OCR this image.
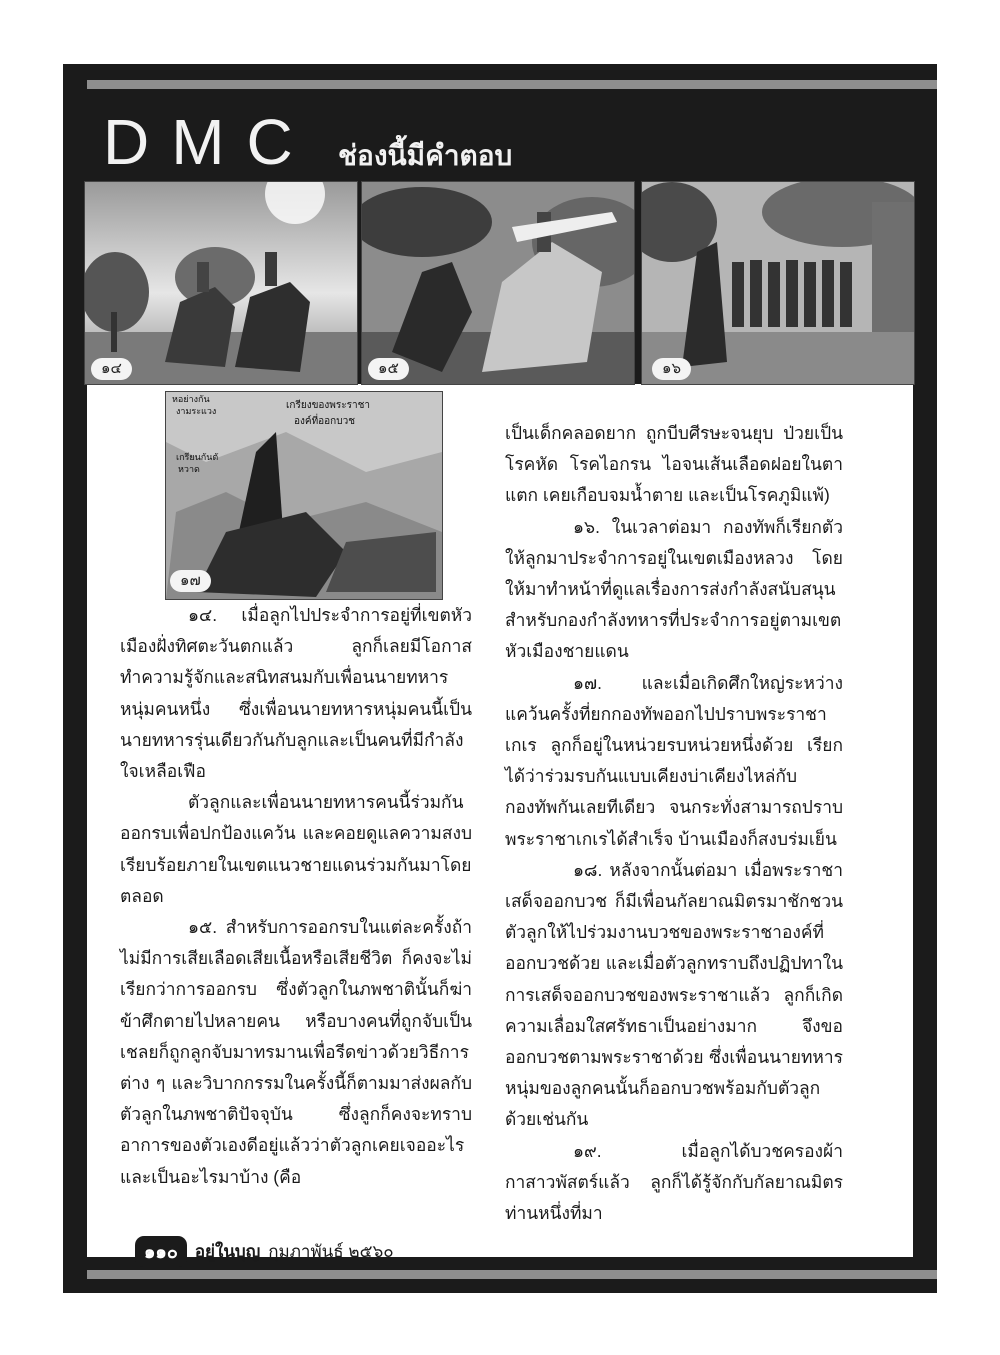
DMC ช่องนี้มีคำตอบ
๑๔	๑๕	๑๖
หอย่างกัน
งามระแวง	เกรียงของพระราชา
องค์ที่ออกบวช
เกรียนกันตั
หวาด
๑๗

๑๔. เมื่อลูกไปประจำการอยู่ที่เขตหัวเมืองฝั่งทิศตะวันตกแล้ว ลูกก็เลยมีโอกาสทำความรู้จักและสนิทสนมกับเพื่อนนายทหารหนุ่มคนหนึ่ง ซึ่งเพื่อนนายทหารหนุ่มคนนี้เป็นนายทหารรุ่นเดียวกันกับลูกและเป็นคนที่มีกำลังใจเหลือเฟือ

ตัวลูกและเพื่อนนายทหารคนนี้ร่วมกันออกรบเพื่อปกป้องแคว้น และคอยดูแลความสงบเรียบร้อยภายในเขตแนวชายแดนร่วมกันมาโดยตลอด

๑๕. สำหรับการออกรบในแต่ละครั้งถ้าไม่มีการเสียเลือดเสียเนื้อหรือเสียชีวิต ก็คงจะไม่เรียกว่าการออกรบ ซึ่งตัวลูกในภพชาตินั้นก็ฆ่าข้าศึกตายไปหลายคน หรือบางคนที่ถูกจับเป็นเชลยก็ถูกลูกจับมาทรมานเพื่อรีดข่าวด้วยวิธีการต่าง ๆ และวิบากกรรมในครั้งนี้ก็ตามมาส่งผลกับตัวลูกในภพชาติปัจจุบัน ซึ่งลูกก็คงจะทราบอาการของตัวเองดีอยู่แล้วว่าตัวลูกเคยเจออะไรและเป็นอะไรมาบ้าง (คือ

เป็นเด็กคลอดยาก ถูกบีบศีรษะจนยุบ ป่วยเป็นโรคหัด โรคไอกรน ไอจนเส้นเลือดฝอยในตาแตก เคยเกือบจมน้ำตาย และเป็นโรคภูมิแพ้)

๑๖. ในเวลาต่อมา กองทัพก็เรียกตัวให้ลูกมาประจำการอยู่ในเขตเมืองหลวง โดยให้มาทำหน้าที่ดูแลเรื่องการส่งกำลังสนับสนุนสำหรับกองกำลังทหารที่ประจำการอยู่ตามเขตหัวเมืองชายแดน

๑๗. และเมื่อเกิดศึกใหญ่ระหว่างแคว้นครั้งที่ยกกองทัพออกไปปราบพระราชาเกเร ลูกก็อยู่ในหน่วยรบหน่วยหนึ่งด้วย เรียกได้ว่าร่วมรบกันแบบเคียงบ่าเคียงไหล่กับกองทัพกันเลยทีเดียว จนกระทั่งสามารถปราบพระราชาเกเรได้สำเร็จ บ้านเมืองก็สงบร่มเย็น

๑๘. หลังจากนั้นต่อมา เมื่อพระราชาเสด็จออกบวช ก็มีเพื่อนกัลยาณมิตรมาชักชวนตัวลูกให้ไปร่วมงานบวชของพระราชาองค์ที่ออกบวชด้วย และเมื่อตัวลูกทราบถึงปฏิปทาในการเสด็จออกบวชของพระราชาแล้ว ลูกก็เกิดความเลื่อมใสศรัทธาเป็นอย่างมาก จึงขอออกบวชตามพระราชาด้วย ซึ่งเพื่อนนายทหารหนุ่มของลูกคนนั้นก็ออกบวชพร้อมกับตัวลูกด้วยเช่นกัน

๑๙. เมื่อลูกได้บวชครองผ้ากาสาวพัสตร์แล้ว ลูกก็ได้รู้จักกับกัลยาณมิตรท่านหนึ่งที่มา

๑๑๐	อยู่ในบุญ กุมภาพันธ์ ๒๕๖๐
